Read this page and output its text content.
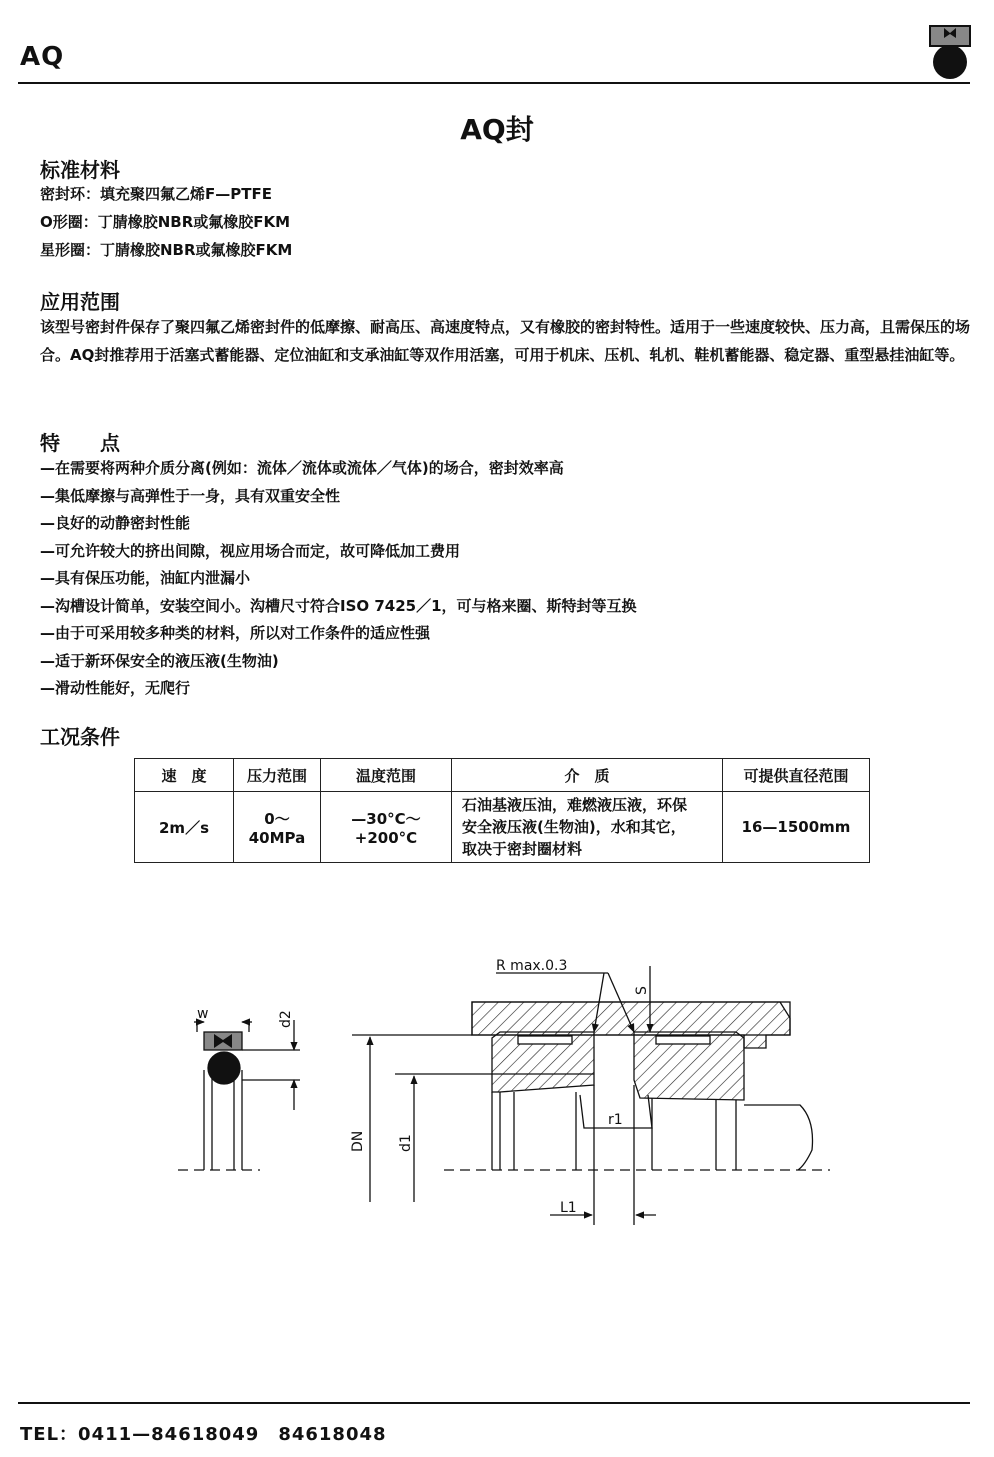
AQ
AQ封
标准材料
密封环：填充聚四氟乙烯F—PTFE
O形圈：丁腈橡胶NBR或氟橡胶FKM
星形圈：丁腈橡胶NBR或氟橡胶FKM
应用范围
该型号密封件保存了聚四氟乙烯密封件的低摩擦、耐高压、高速度特点，又有橡胶的密封特性。适用于一些速度较快、压力高，且需保压的场合。AQ封推荐用于活塞式蓄能器、定位油缸和支承油缸等双作用活塞，可用于机床、压机、轧机、鞋机蓄能器、稳定器、重型悬挂油缸等。
特　　点
—在需要将两种介质分离(例如：流体／流体或流体／气体)的场合，密封效率高
—集低摩擦与高弹性于一身，具有双重安全性
—良好的动静密封性能
—可允许较大的挤出间隙，视应用场合而定，故可降低加工费用
—具有保压功能，油缸内泄漏小
—沟槽设计简单，安装空间小。沟槽尺寸符合ISO 7425／1，可与格来圈、斯特封等互换
—由于可采用较多种类的材料，所以对工作条件的适应性强
—适于新环保安全的液压液(生物油)
—滑动性能好，无爬行
工况条件
速　度	压力范围	温度范围	介　质	可提供直径范围
2m／s	0～40MPa	—30°C～+200°C	石油基液压油，难燃液压液，环保
安全液压液(生物油)，水和其它，
取决于密封圈材料	16—1500mm
w	d2
R max.0.3
S
DN d1
r1
L1
TEL：0411—84618049　84618048
